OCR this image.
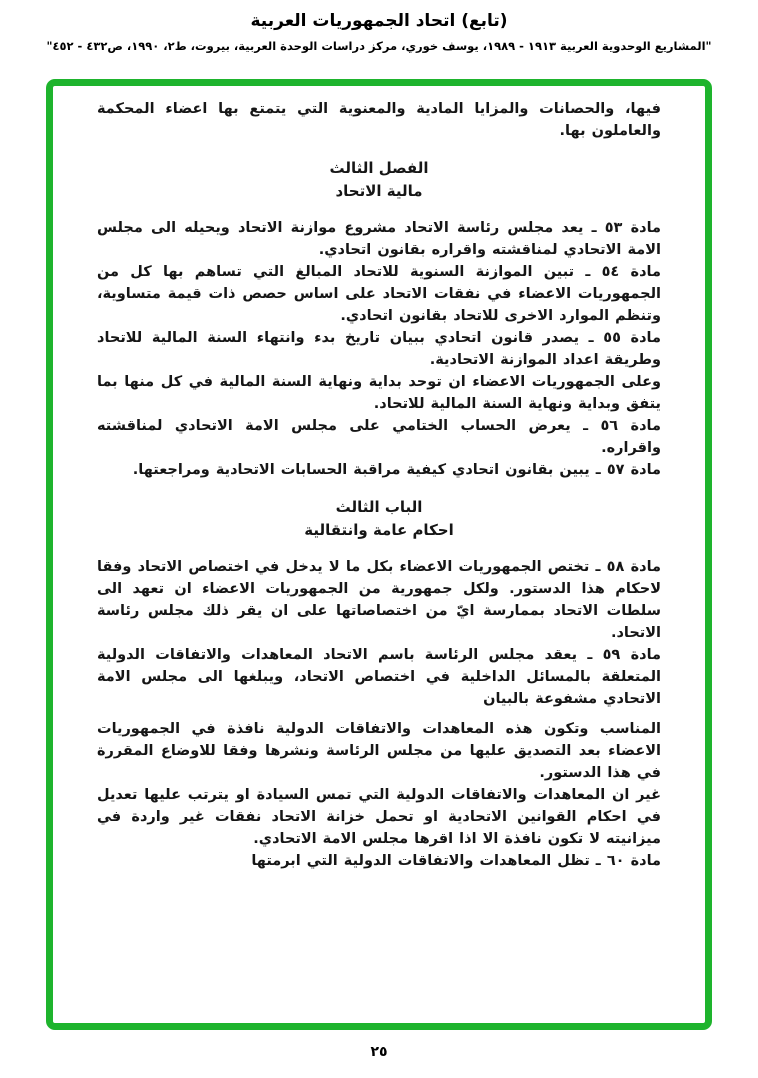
(تابع) اتحاد الجمهوريات العربية
"المشاريع الوحدوية العربية ١٩١٣ - ١٩٨٩، يوسف خوري، مركز دراسات الوحدة العربية، بيروت، ط٢، ١٩٩٠، ص٤٣٢ - ٤٥٢"

فيها، والحصانات والمزايا المادية والمعنوية التي يتمتع بها اعضاء المحكمة والعاملون بها.

الفصل الثالث
مالية الاتحاد

مادة ٥٣ ـ يعد مجلس رئاسة الاتحاد مشروع موازنة الاتحاد ويحيله الى مجلس الامة الاتحادي لمناقشته واقراره بقانون اتحادي.

مادة ٥٤ ـ تبين الموازنة السنوية للاتحاد المبالغ التي تساهم بها كل من الجمهوريات الاعضاء في نفقات الاتحاد على اساس حصص ذات قيمة متساوية، وتنظم الموارد الاخرى للاتحاد بقانون اتحادي.

مادة ٥٥ ـ يصدر قانون اتحادي ببيان تاريخ بدء وانتهاء السنة المالية للاتحاد وطريقة اعداد الموازنة الاتحادية.

وعلى الجمهوريات الاعضاء ان توحد بداية ونهاية السنة المالية في كل منها بما يتفق وبداية ونهاية السنة المالية للاتحاد.

مادة ٥٦ ـ يعرض الحساب الختامي على مجلس الامة الاتحادي لمناقشته واقراره.

مادة ٥٧ ـ يبين بقانون اتحادي كيفية مراقبة الحسابات الاتحادية ومراجعتها.

الباب الثالث
احكام عامة وانتقالية

مادة ٥٨ ـ تختص الجمهوريات الاعضاء بكل ما لا يدخل في اختصاص الاتحاد وفقا لاحكام هذا الدستور. ولكل جمهورية من الجمهوريات الاعضاء ان تعهد الى سلطات الاتحاد بممارسة ايّ من اختصاصاتها على ان يقر ذلك مجلس رئاسة الاتحاد.

مادة ٥٩ ـ يعقد مجلس الرئاسة باسم الاتحاد المعاهدات والاتفاقات الدولية المتعلقة بالمسائل الداخلية في اختصاص الاتحاد، ويبلغها الى مجلس الامة الاتحادي مشفوعة بالبيان

المناسب وتكون هذه المعاهدات والاتفاقات الدولية نافذة في الجمهوريات الاعضاء بعد التصديق عليها من مجلس الرئاسة ونشرها وفقا للاوضاع المقررة في هذا الدستور.

غير ان المعاهدات والاتفاقات الدولية التي تمس السيادة او يترتب عليها تعديل في احكام القوانين الاتحادية او تحمل خزانة الاتحاد نفقات غير واردة في ميزانيته لا تكون نافذة الا اذا اقرها مجلس الامة الاتحادي.

مادة ٦٠ ـ تظل المعاهدات والاتفاقات الدولية التي ابرمتها

٢٥
